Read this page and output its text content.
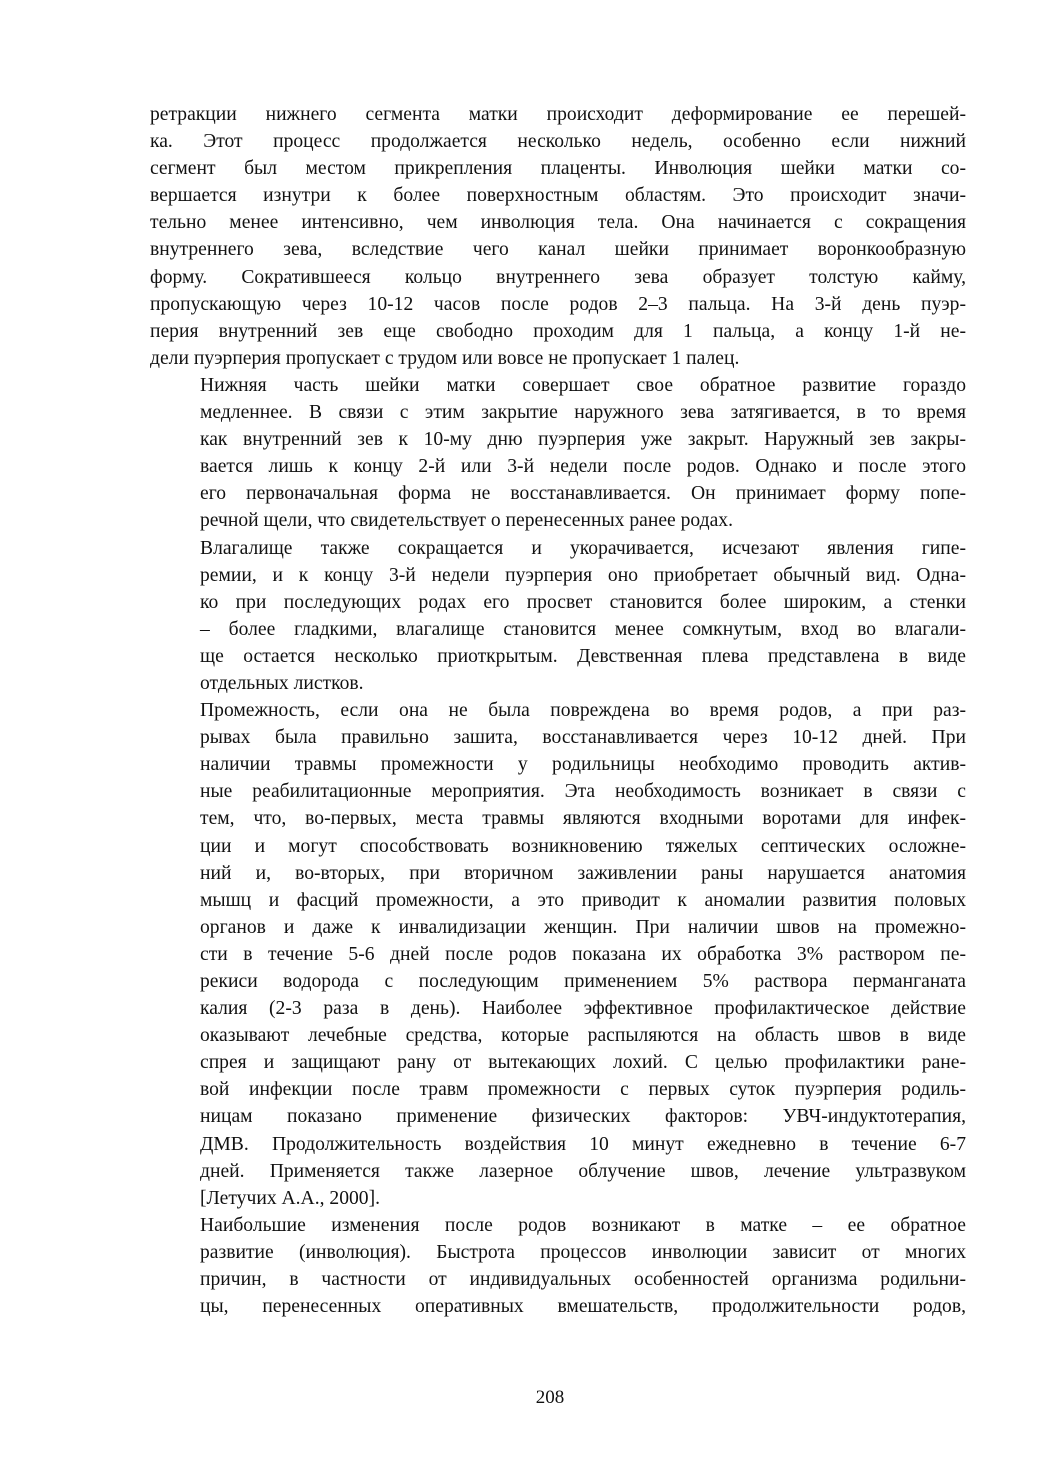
ретракции нижнего сегмента матки происходит деформирование ее перешей-
ка. Этот процесс продолжается несколько недель, особенно если нижний
сегмент был местом прикрепления плаценты. Инволюция шейки матки со-
вершается изнутри к более поверхностным областям. Это происходит значи-
тельно менее интенсивно, чем инволюция тела. Она начинается с сокращения
внутреннего зева, вследствие чего канал шейки принимает воронкообразную
форму. Сократившееся кольцо внутреннего зева образует толстую кайму,
пропускающую через 10-12 часов после родов 2–3 пальца. На 3-й день пуэр-
перия внутренний зев еще свободно проходим для 1 пальца, а концу 1-й не-
дели пуэрперия пропускает с трудом или вовсе не пропускает 1 палец.

Нижняя часть шейки матки совершает свое обратное развитие гораздо
медленнее. В связи с этим закрытие наружного зева затягивается, в то время
как внутренний зев к 10-му дню пуэрперия уже закрыт. Наружный зев закры-
вается лишь к концу 2-й или 3-й недели после родов. Однако и после этого
его первоначальная форма не восстанавливается. Он принимает форму попе-
речной щели, что свидетельствует о перенесенных ранее родах.

Влагалище также сокращается и укорачивается, исчезают явления гипе-
ремии, и к концу 3-й недели пуэрперия оно приобретает обычный вид. Одна-
ко при последующих родах его просвет становится более широким, а стенки
– более гладкими, влагалище становится менее сомкнутым, вход во влагали-
ще остается несколько приоткрытым. Девственная плева представлена в виде
отдельных листков.

Промежность, если она не была повреждена во время родов, а при раз-
рывах была правильно зашита, восстанавливается через 10-12 дней. При
наличии травмы промежности у родильницы необходимо проводить актив-
ные реабилитационные мероприятия. Эта необходимость возникает в связи с
тем, что, во-первых, места травмы являются входными воротами для инфек-
ции и могут способствовать возникновению тяжелых септических осложне-
ний и, во-вторых, при вторичном заживлении раны нарушается анатомия
мышц и фасций промежности, а это приводит к аномалии развития половых
органов и даже к инвалидизации женщин. При наличии швов на промежно-
сти в течение 5-6 дней после родов показана их обработка 3% раствором пе-
рекиси водорода с последующим применением 5% раствора перманганата
калия (2-3 раза в день). Наиболее эффективное профилактическое действие
оказывают лечебные средства, которые распыляются на область швов в виде
спрея и защищают рану от вытекающих лохий. С целью профилактики ране-
вой инфекции после травм промежности с первых суток пуэрперия родиль-
ницам показано применение физических факторов: УВЧ-индуктотерапия,
ДМВ. Продолжительность воздействия 10 минут ежедневно в течение 6-7
дней. Применяется также лазерное облучение швов, лечение ультразвуком
[Летучих А.А., 2000].

Наибольшие изменения после родов возникают в матке – ее обратное
развитие (инволюция). Быстрота процессов инволюции зависит от многих
причин, в частности от индивидуальных особенностей организма родильни-
цы, перенесенных оперативных вмешательств, продолжительности родов,

208
